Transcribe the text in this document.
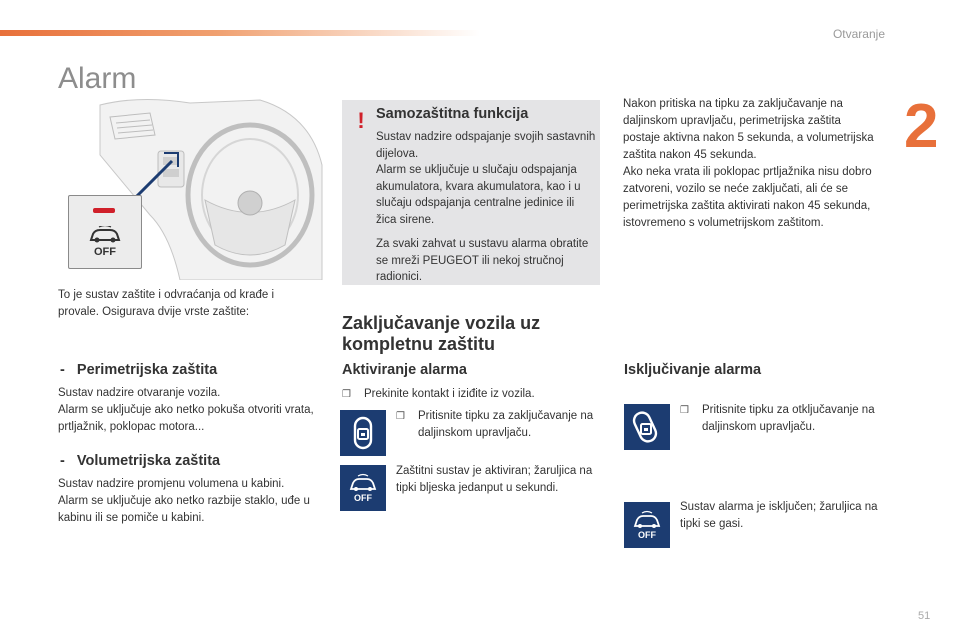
Otvaranje
2
51
Alarm
OFF
To je sustav zaštite i odvraćanja od krađe i provale. Osigurava dvije vrste zaštite:
-   Perimetrijska zaštita
Sustav nadzire otvaranje vozila.
Alarm se uključuje ako netko pokuša otvoriti vrata, prtljažnik, poklopac motora...
-   Volumetrijska zaštita
Sustav nadzire promjenu volumena u kabini.
Alarm se uključuje ako netko razbije staklo, uđe u kabinu ili se pomiče u kabini.
! Samozaštitna funkcija

Sustav nadzire odspajanje svojih sastavnih dijelova.

Alarm se uključuje u slučaju odspajanja akumulatora, kvara akumulatora, kao i u slučaju odspajanja centralne jedinice ili žica sirene.

Za svaki zahvat u sustavu alarma obratite se mreži PEUGEOT ili nekoj stručnoj radionici.

Nakon pritiska na tipku za zaključavanje na daljinskom upravljaču, perimetrijska zaštita postaje aktivna nakon 5 sekunda, a volumetrijska zaštita nakon 45 sekunda.
Ako neka vrata ili poklopac prtljažnika nisu dobro zatvoreni, vozilo se neće zaključati, ali će se perimetrijska zaštita aktivirati nakon 45 sekunda, istovremeno s volumetrijskom zaštitom.
Zaključavanje vozila uz kompletnu zaštitu
Aktiviranje alarma
❒ Prekinite kontakt i iziđite iz vozila.
❒ Pritisnite tipku za zaključavanje na daljinskom upravljaču.
OFF
Zaštitni sustav je aktiviran; žaruljica na tipki bljeska jedanput u sekundi.
Isključivanje alarma
❒ Pritisnite tipku za otključavanje na daljinskom upravljaču.
OFF
Sustav alarma je isključen; žaruljica na tipki se gasi.
